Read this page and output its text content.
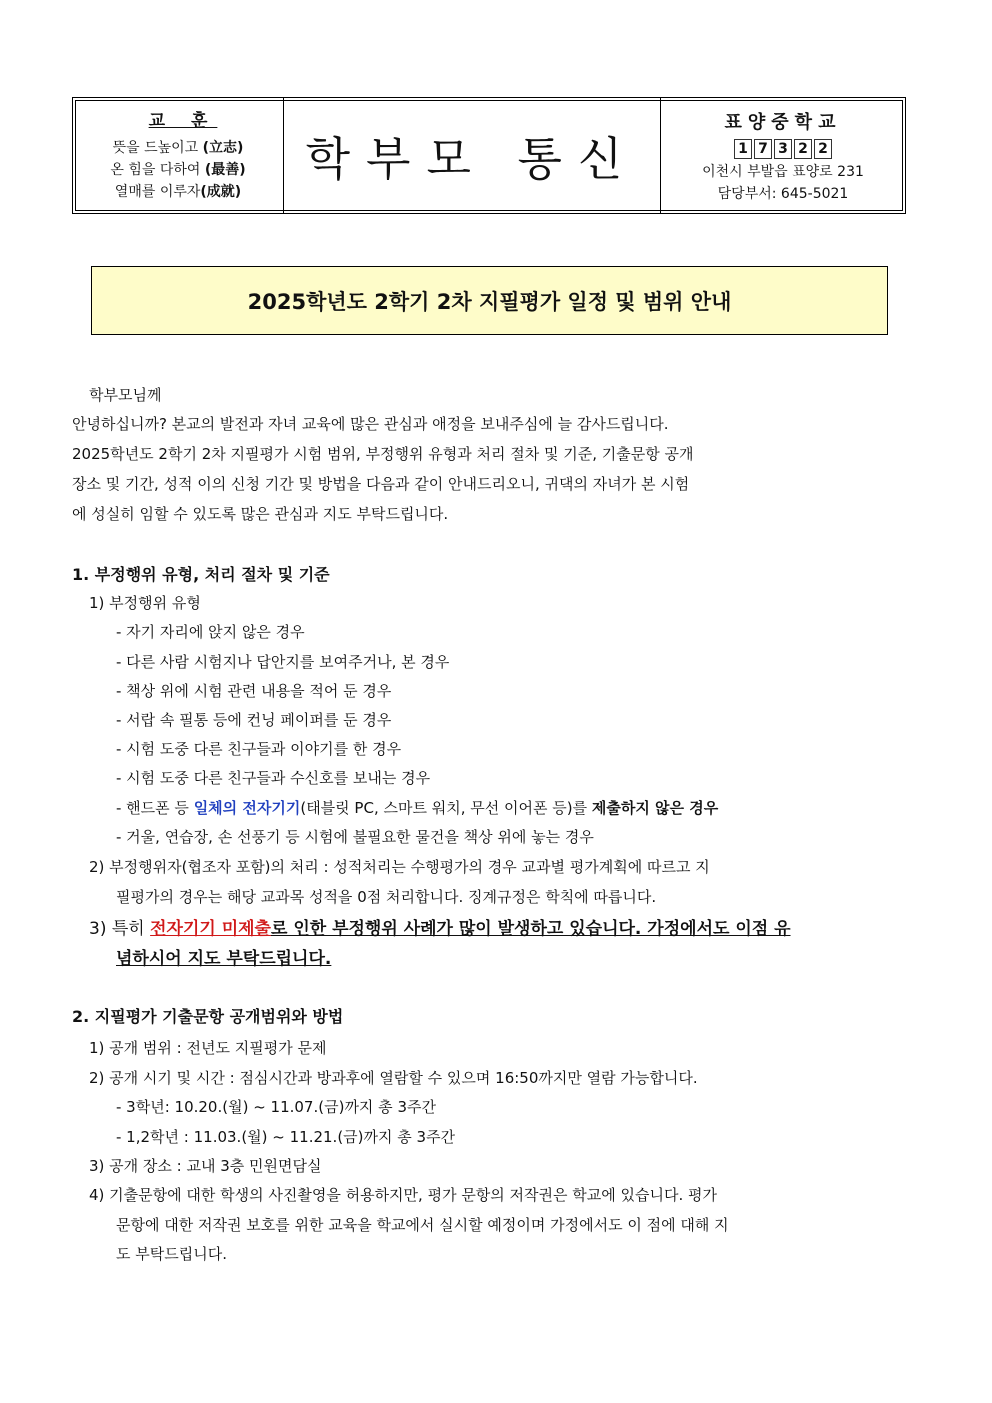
교 훈
뜻을 드높이고 (立志)
온 힘을 다하여 (最善)
열매를 이루자(成就)
학부모 통신
표양중학교
1 7 3 2 2
이천시 부발읍 표양로 231
담당부서: 645-5021
2025학년도 2학기 2차 지필평가 일정 및 범위 안내
학부모님께
안녕하십니까? 본교의 발전과 자녀 교육에 많은 관심과 애정을 보내주심에 늘 감사드립니다.
2025학년도 2학기 2차 지필평가 시험 범위, 부정행위 유형과 처리 절차 및 기준, 기출문항 공개
장소 및 기간, 성적 이의 신청 기간 및 방법을 다음과 같이 안내드리오니, 귀댁의 자녀가 본 시험
에 성실히 임할 수 있도록 많은 관심과 지도 부탁드립니다.
1. 부정행위 유형, 처리 절차 및 기준
1) 부정행위 유형
- 자기 자리에 앉지 않은 경우
- 다른 사람 시험지나 답안지를 보여주거나, 본 경우
- 책상 위에 시험 관련 내용을 적어 둔 경우
- 서랍 속 필통 등에 컨닝 페이퍼를 둔 경우
- 시험 도중 다른 친구들과 이야기를 한 경우
- 시험 도중 다른 친구들과 수신호를 보내는 경우
- 핸드폰 등 일체의 전자기기(태블릿 PC, 스마트 워치, 무선 이어폰 등)를 제출하지 않은 경우
- 거울, 연습장, 손 선풍기 등 시험에 불필요한 물건을 책상 위에 놓는 경우
2) 부정행위자(협조자 포함)의 처리 : 성적처리는 수행평가의 경우 교과별 평가계획에 따르고 지
필평가의 경우는 해당 교과목 성적을 0점 처리합니다. 징계규정은 학칙에 따릅니다.
3) 특히 전자기기 미제출로 인한 부정행위 사례가 많이 발생하고 있습니다. 가정에서도 이점 유
념하시어 지도 부탁드립니다.
2. 지필평가 기출문항 공개범위와 방법
1) 공개 범위 : 전년도 지필평가 문제
2) 공개 시기 및 시간 : 점심시간과 방과후에 열람할 수 있으며 16:50까지만 열람 가능합니다.
- 3학년: 10.20.(월) ~ 11.07.(금)까지 총 3주간
- 1,2학년 : 11.03.(월) ~ 11.21.(금)까지 총 3주간
3) 공개 장소 : 교내 3층 민원면담실
4) 기출문항에 대한 학생의 사진촬영을 허용하지만, 평가 문항의 저작권은 학교에 있습니다. 평가
문항에 대한 저작권 보호를 위한 교육을 학교에서 실시할 예정이며 가정에서도 이 점에 대해 지
도 부탁드립니다.
